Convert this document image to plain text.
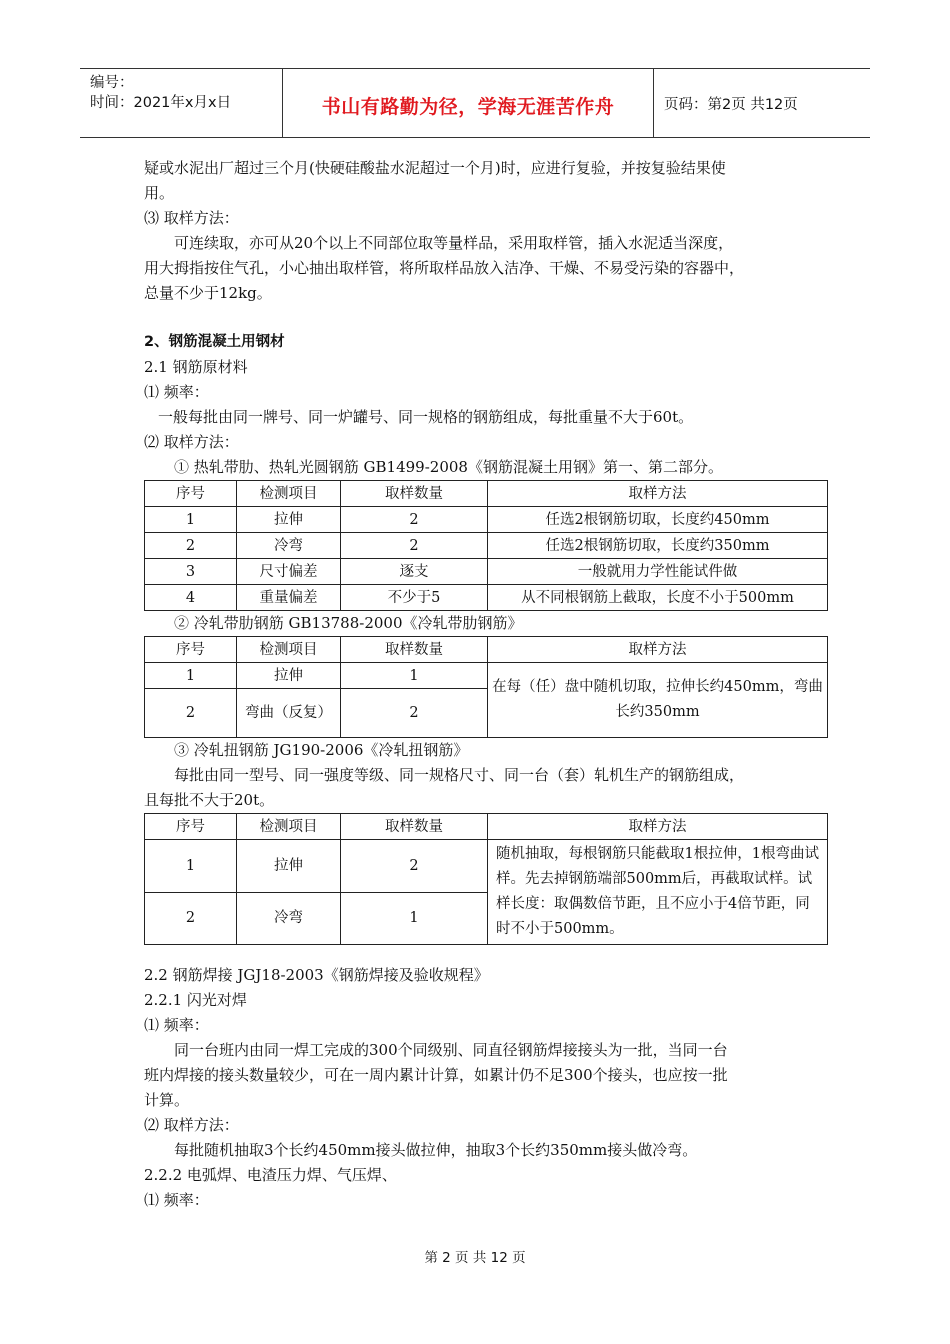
编号：
时间：2021年x月x日	书山有路勤为径，学海无涯苦作舟	页码：第2页 共12页

疑或水泥出厂超过三个月(快硬硅酸盐水泥超过一个月)时，应进行复验，并按复验结果使

用。

⑶ 取样方法：

可连续取，亦可从20个以上不同部位取等量样品，采用取样管，插入水泥适当深度，

用大拇指按住气孔，小心抽出取样管，将所取样品放入洁净、干燥、不易受污染的容器中，

总量不少于12kg。

2、钢筋混凝土用钢材

2.1 钢筋原材料

⑴ 频率：

一般每批由同一牌号、同一炉罐号、同一规格的钢筋组成，每批重量不大于60t。

⑵ 取样方法：

① 热轧带肋、热轧光圆钢筋 GB1499-2008《钢筋混凝土用钢》第一、第二部分。

序号	检测项目	取样数量	取样方法
1	拉伸	2	任选2根钢筋切取，长度约450mm
2	冷弯	2	任选2根钢筋切取，长度约350mm
3	尺寸偏差	逐支	一般就用力学性能试件做
4	重量偏差	不少于5	从不同根钢筋上截取，长度不小于500mm

② 冷轧带肋钢筋 GB13788-2000《冷轧带肋钢筋》

序号	检测项目	取样数量	取样方法
1	拉伸	1	在每（任）盘中随机切取，拉伸长约450mm，弯曲长约350mm
2	弯曲（反复）	2	

③ 冷轧扭钢筋 JG190-2006《冷轧扭钢筋》

每批由同一型号、同一强度等级、同一规格尺寸、同一台（套）轧机生产的钢筋组成，

且每批不大于20t。

序号	检测项目	取样数量	取样方法
1	拉伸	2	随机抽取，每根钢筋只能截取1根拉伸，1根弯曲试样。先去掉钢筋端部500mm后，再截取试样。试样长度：取偶数倍节距，且不应小于4倍节距，同时不小于500mm。
2	冷弯	1	

2.2 钢筋焊接 JGJ18-2003《钢筋焊接及验收规程》

2.2.1 闪光对焊

⑴ 频率：

同一台班内由同一焊工完成的300个同级别、同直径钢筋焊接接头为一批，当同一台

班内焊接的接头数量较少，可在一周内累计计算，如累计仍不足300个接头，也应按一批

计算。

⑵ 取样方法：

每批随机抽取3个长约450mm接头做拉伸，抽取3个长约350mm接头做冷弯。

2.2.2 电弧焊、电渣压力焊、气压焊、

⑴ 频率：

第 2 页 共 12 页
